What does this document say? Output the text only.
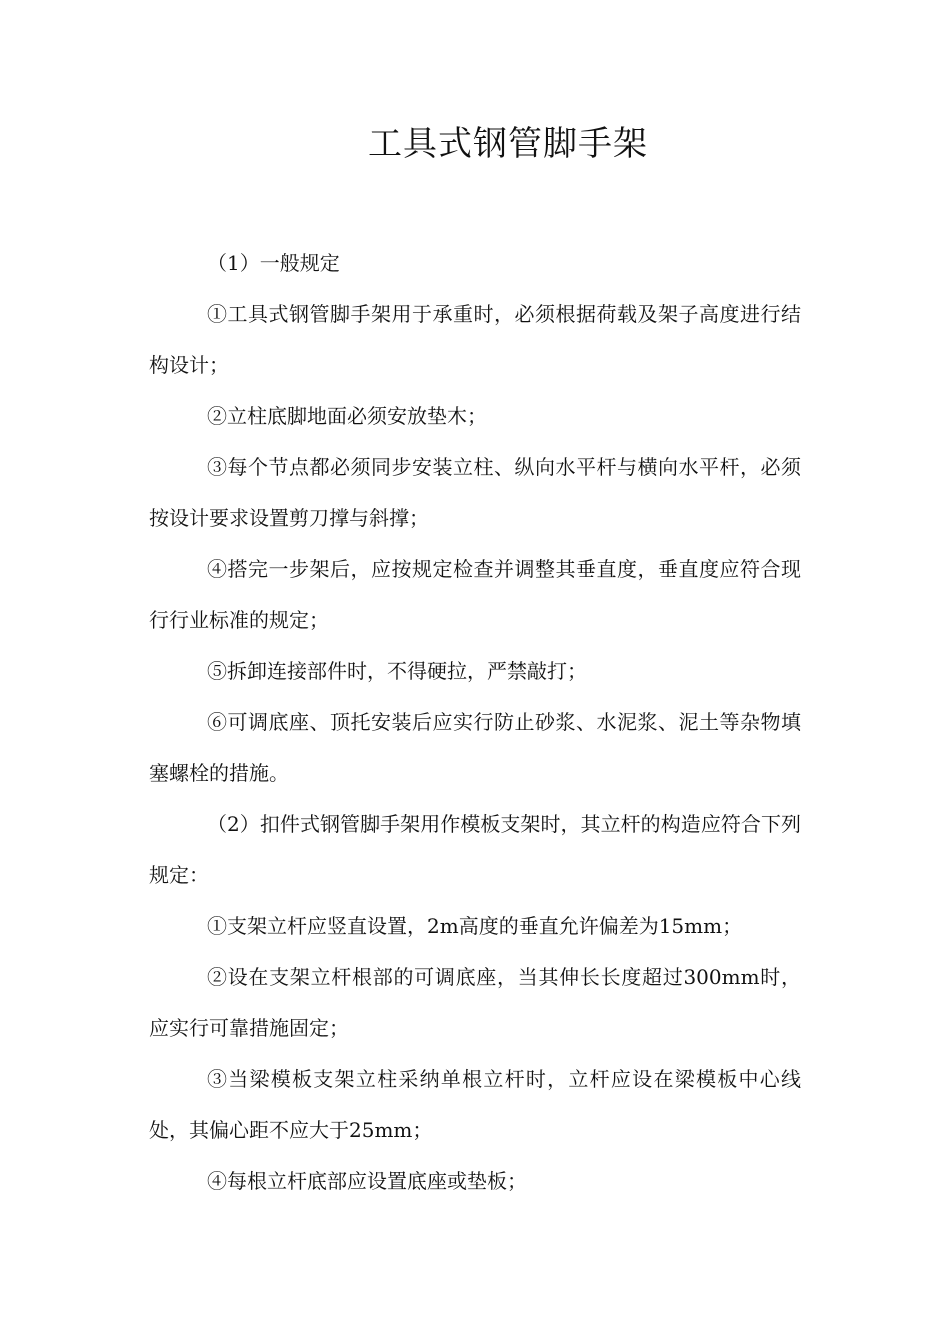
工具式钢管脚手架

（1）一般规定

①工具式钢管脚手架用于承重时，必须根据荷载及架子高度进行结构设计；

②立柱底脚地面必须安放垫木；

③每个节点都必须同步安装立柱、纵向水平杆与横向水平杆，必须按设计要求设置剪刀撑与斜撑；

④搭完一步架后，应按规定检查并调整其垂直度，垂直度应符合现行行业标准的规定；

⑤拆卸连接部件时，不得硬拉，严禁敲打；

⑥可调底座、顶托安装后应实行防止砂浆、水泥浆、泥土等杂物填塞螺栓的措施。

（2）扣件式钢管脚手架用作模板支架时，其立杆的构造应符合下列规定：

①支架立杆应竖直设置，2m高度的垂直允许偏差为15mm；

②设在支架立杆根部的可调底座，当其伸长长度超过300mm时，应实行可靠措施固定；

③当梁模板支架立柱采纳单根立杆时，立杆应设在梁模板中心线处，其偏心距不应大于25mm；

④每根立杆底部应设置底座或垫板；
